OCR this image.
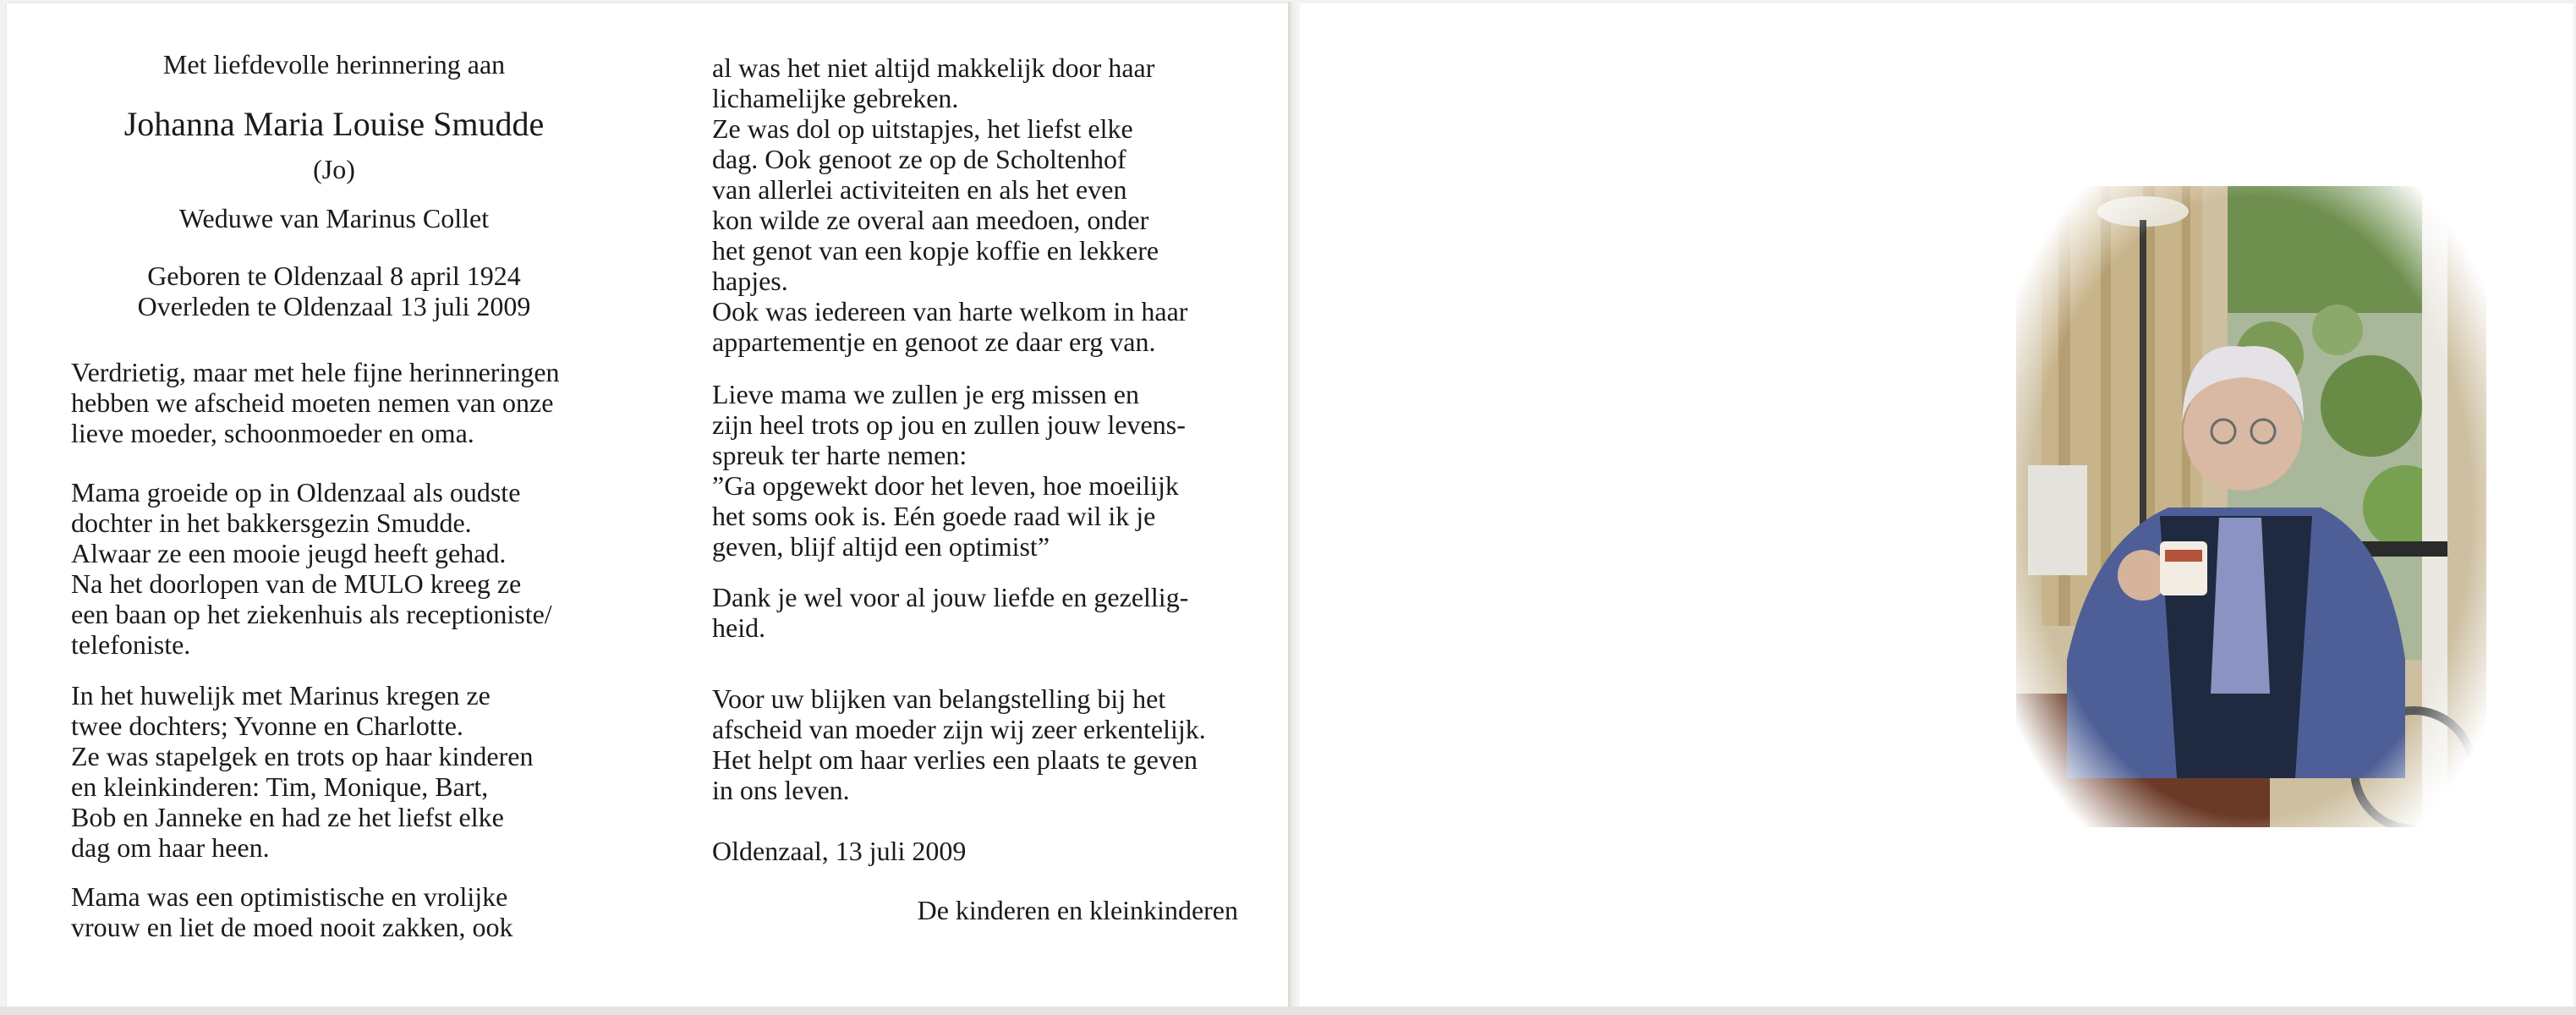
Met liefdevolle herinnering aan
Johanna Maria Louise Smudde
(Jo)
Weduwe van Marinus Collet
Geboren te Oldenzaal 8 april 1924
Overleden te Oldenzaal 13 juli 2009
Verdrietig, maar met hele fijne herinneringen
hebben we afscheid moeten nemen van onze
lieve moeder, schoonmoeder en oma.
Mama groeide op in Oldenzaal als oudste
dochter in het bakkersgezin Smudde.
Alwaar ze een mooie jeugd heeft gehad.
Na het doorlopen van de MULO kreeg ze
een baan op het ziekenhuis als receptioniste/
telefoniste.
In het huwelijk met Marinus kregen ze
twee dochters; Yvonne en Charlotte.
Ze was stapelgek en trots op haar kinderen
en kleinkinderen: Tim, Monique, Bart,
Bob en Janneke en had ze het liefst elke
dag om haar heen.
Mama was een optimistische en vrolijke
vrouw en liet de moed nooit zakken, ook
al was het niet altijd makkelijk door haar
lichamelijke gebreken.
Ze was dol op uitstapjes, het liefst elke
dag. Ook genoot ze op de Scholtenhof
van allerlei activiteiten en als het even
kon wilde ze overal aan meedoen, onder
het genot van een kopje koffie en lekkere
hapjes.
Ook was iedereen van harte welkom in haar
appartementje en genoot ze daar erg van.
Lieve mama we zullen je erg missen en
zijn heel trots op jou en zullen jouw levens-
spreuk ter harte nemen:
”Ga opgewekt door het leven, hoe moeilijk
het soms ook is. Eén goede raad wil ik je
geven, blijf altijd een optimist”
Dank je wel voor al jouw liefde en gezellig-
heid.
Voor uw blijken van belangstelling bij het
afscheid van moeder zijn wij zeer erkentelijk.
Het helpt om haar verlies een plaats te geven
in ons leven.
Oldenzaal, 13 juli 2009
De kinderen en kleinkinderen
